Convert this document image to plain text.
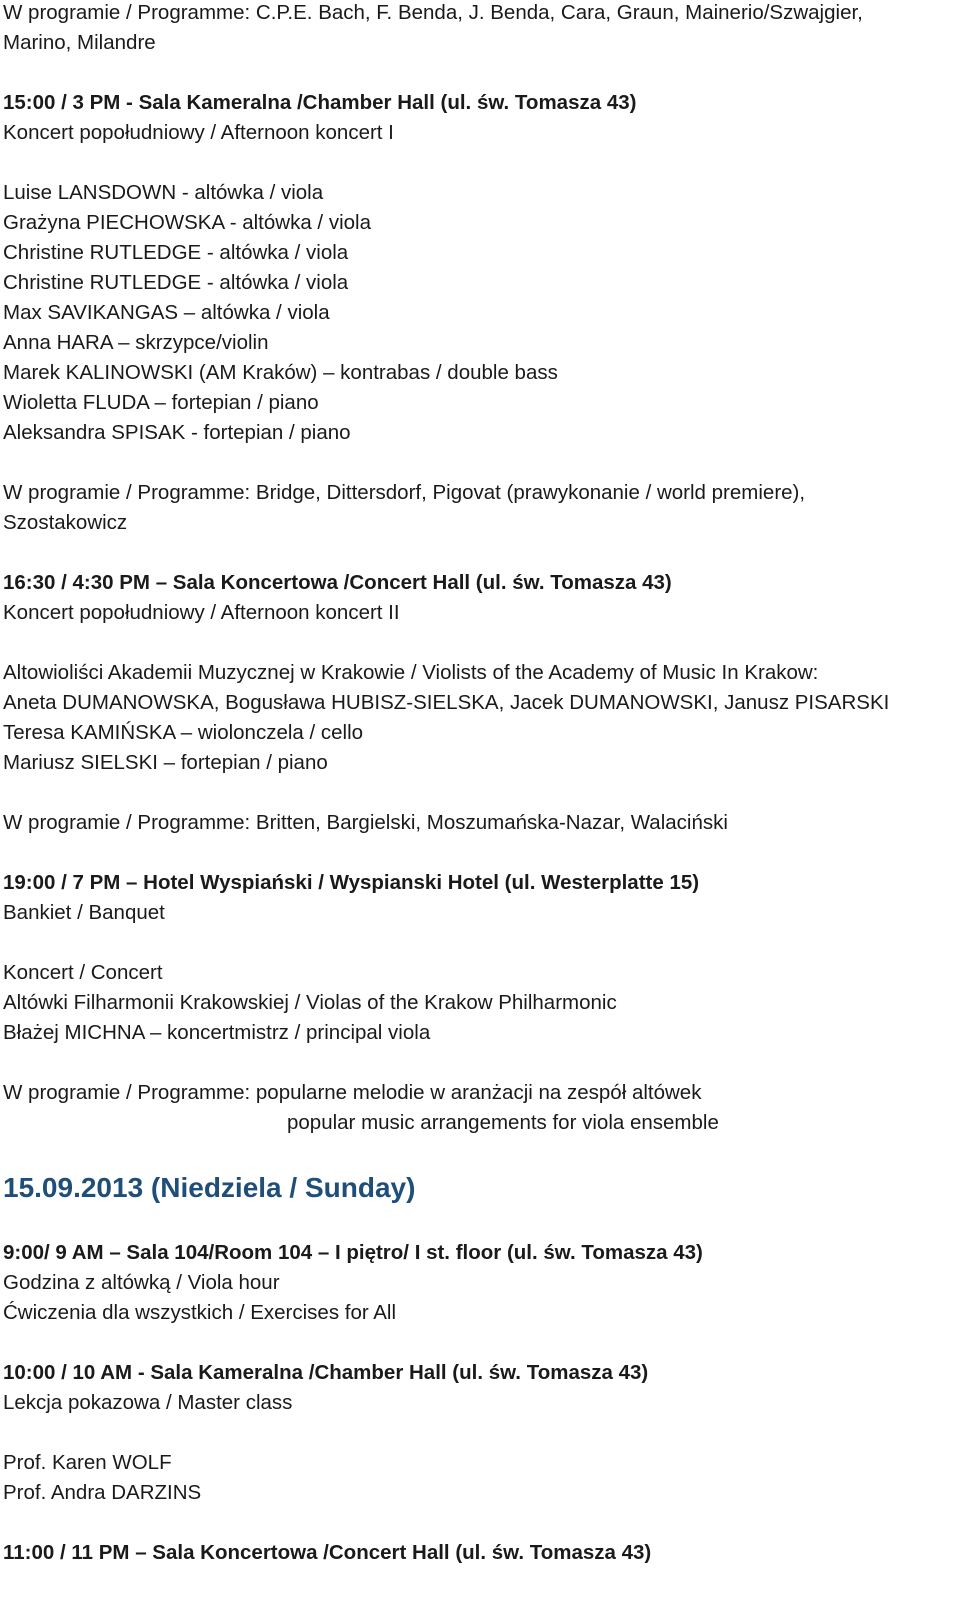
W programie / Programme: C.P.E. Bach, F. Benda, J. Benda, Cara, Graun, Mainerio/Szwajgier,
Marino, Milandre
15:00 / 3 PM - Sala Kameralna /Chamber Hall (ul. św. Tomasza 43)
Koncert popołudniowy / Afternoon koncert I
Luise LANSDOWN - altówka / viola
Grażyna PIECHOWSKA - altówka / viola
Christine RUTLEDGE - altówka / viola
Christine RUTLEDGE - altówka / viola
Max SAVIKANGAS – altówka / viola
Anna HARA – skrzypce/violin
Marek KALINOWSKI (AM Kraków) – kontrabas / double bass
Wioletta FLUDA – fortepian / piano
Aleksandra SPISAK - fortepian / piano
W programie / Programme: Bridge, Dittersdorf, Pigovat (prawykonanie / world premiere),
Szostakowicz
16:30 / 4:30 PM – Sala Koncertowa /Concert Hall (ul. św. Tomasza 43)
Koncert popołudniowy / Afternoon koncert II
Altowioliści Akademii Muzycznej w Krakowie / Violists of the Academy of Music In Krakow:
Aneta DUMANOWSKA, Bogusława HUBISZ-SIELSKA, Jacek DUMANOWSKI, Janusz PISARSKI
Teresa KAMIŃSKA – wiolonczela / cello
Mariusz SIELSKI – fortepian / piano
W programie / Programme: Britten, Bargielski, Moszumańska-Nazar, Walaciński
19:00 / 7 PM – Hotel Wyspiański / Wyspianski Hotel (ul. Westerplatte 15)
Bankiet / Banquet
Koncert / Concert
Altówki Filharmonii Krakowskiej / Violas of the Krakow Philharmonic
Błażej MICHNA – koncertmistrz / principal viola
W programie / Programme: popularne melodie w aranżacji na zespół altówek
popular music arrangements for viola ensemble
15.09.2013 (Niedziela / Sunday)
9:00/ 9 AM – Sala 104/Room 104 – I piętro/ I st. floor (ul. św. Tomasza 43)
Godzina z altówką / Viola hour
Ćwiczenia dla wszystkich / Exercises for All
10:00 / 10 AM - Sala Kameralna /Chamber Hall (ul. św. Tomasza 43)
Lekcja pokazowa / Master class
Prof. Karen WOLF
Prof. Andra DARZINS
11:00 / 11 PM – Sala Koncertowa /Concert Hall (ul. św. Tomasza 43)
